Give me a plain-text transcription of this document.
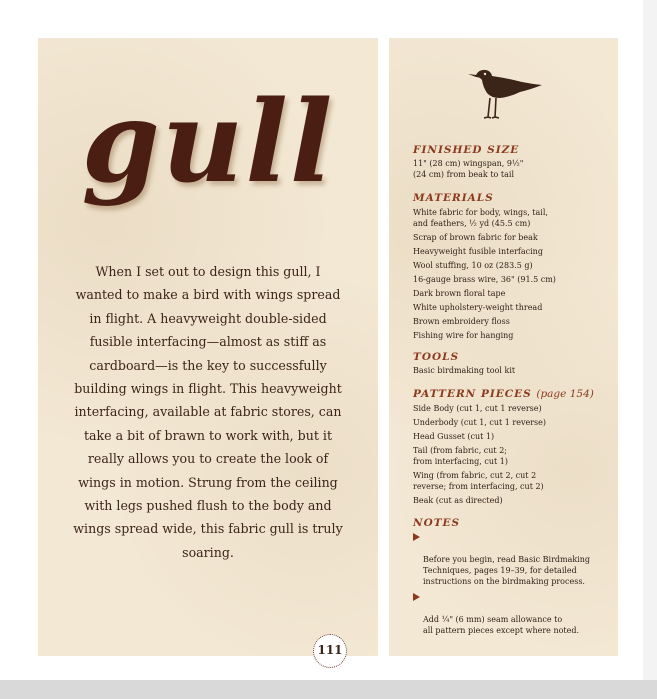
gull

When I set out to design this gull, I wanted to make a bird with wings spread in flight. A heavyweight double-sided fusible interfacing—almost as stiff as cardboard—is the key to successfully building wings in flight. This heavyweight interfacing, available at fabric stores, can take a bit of brawn to work with, but it really allows you to create the look of wings in motion. Strung from the ceiling with legs pushed flush to the body and wings spread wide, this fabric gull is truly soaring.

111
FINISHED SIZE
11" (28 cm) wingspan, 9½"
(24 cm) from beak to tail
MATERIALS
White fabric for body, wings, tail,
and feathers, ½ yd (45.5 cm)
Scrap of brown fabric for beak
Heavyweight fusible interfacing
Wool stuffing, 10 oz (283.5 g)
16-gauge brass wire, 36" (91.5 cm)
Dark brown floral tape
White upholstery-weight thread
Brown embroidery floss
Fishing wire for hanging
TOOLS
Basic birdmaking tool kit
PATTERN PIECES (page 154)
Side Body (cut 1, cut 1 reverse)
Underbody (cut 1, cut 1 reverse)
Head Gusset (cut 1)
Tail (from fabric, cut 2;
from interfacing, cut 1)
Wing (from fabric, cut 2, cut 2
reverse; from interfacing, cut 2)
Beak (cut as directed)
NOTES

Before you begin, read Basic Birdmaking
Techniques, pages 19–39, for detailed
instructions on the birdmaking process.

Add ¼" (6 mm) seam allowance to
all pattern pieces except where noted.
